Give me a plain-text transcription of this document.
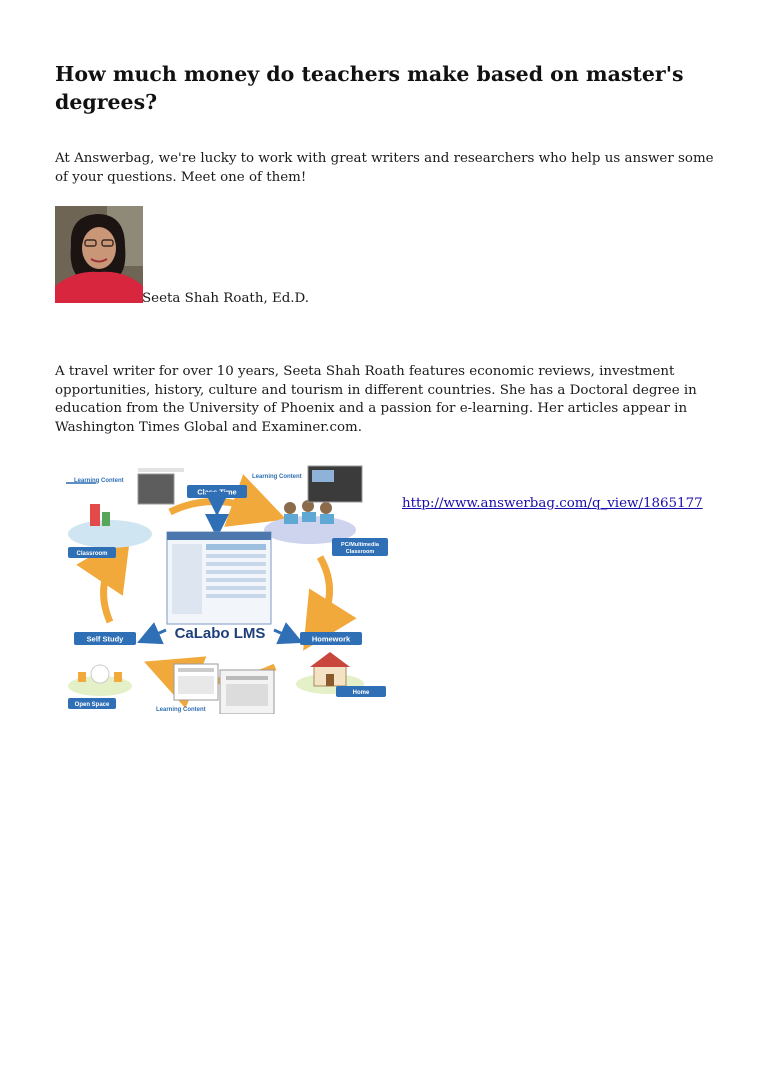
How much money do teachers make based on master's degrees?

At Answerbag, we're lucky to work with great writers and researchers who help us answer some of your questions. Meet one of them!

Seeta Shah Roath, Ed.D.

A travel writer for over 10 years, Seeta Shah Roath features economic reviews, investment opportunities, history, culture and tourism in different countries. She has a Doctoral degree in education from the University of Phoenix and a passion for e-learning. Her articles appear in Washington Times Global and Examiner.com.

Learning Content
Classroom
Class Time
Learning Content
PC/Multimedia
Classroom
CaLabo LMS
Self Study	Homework
Open Space
Learning Content
Home
http://www.answerbag.com/q_view/1865177
